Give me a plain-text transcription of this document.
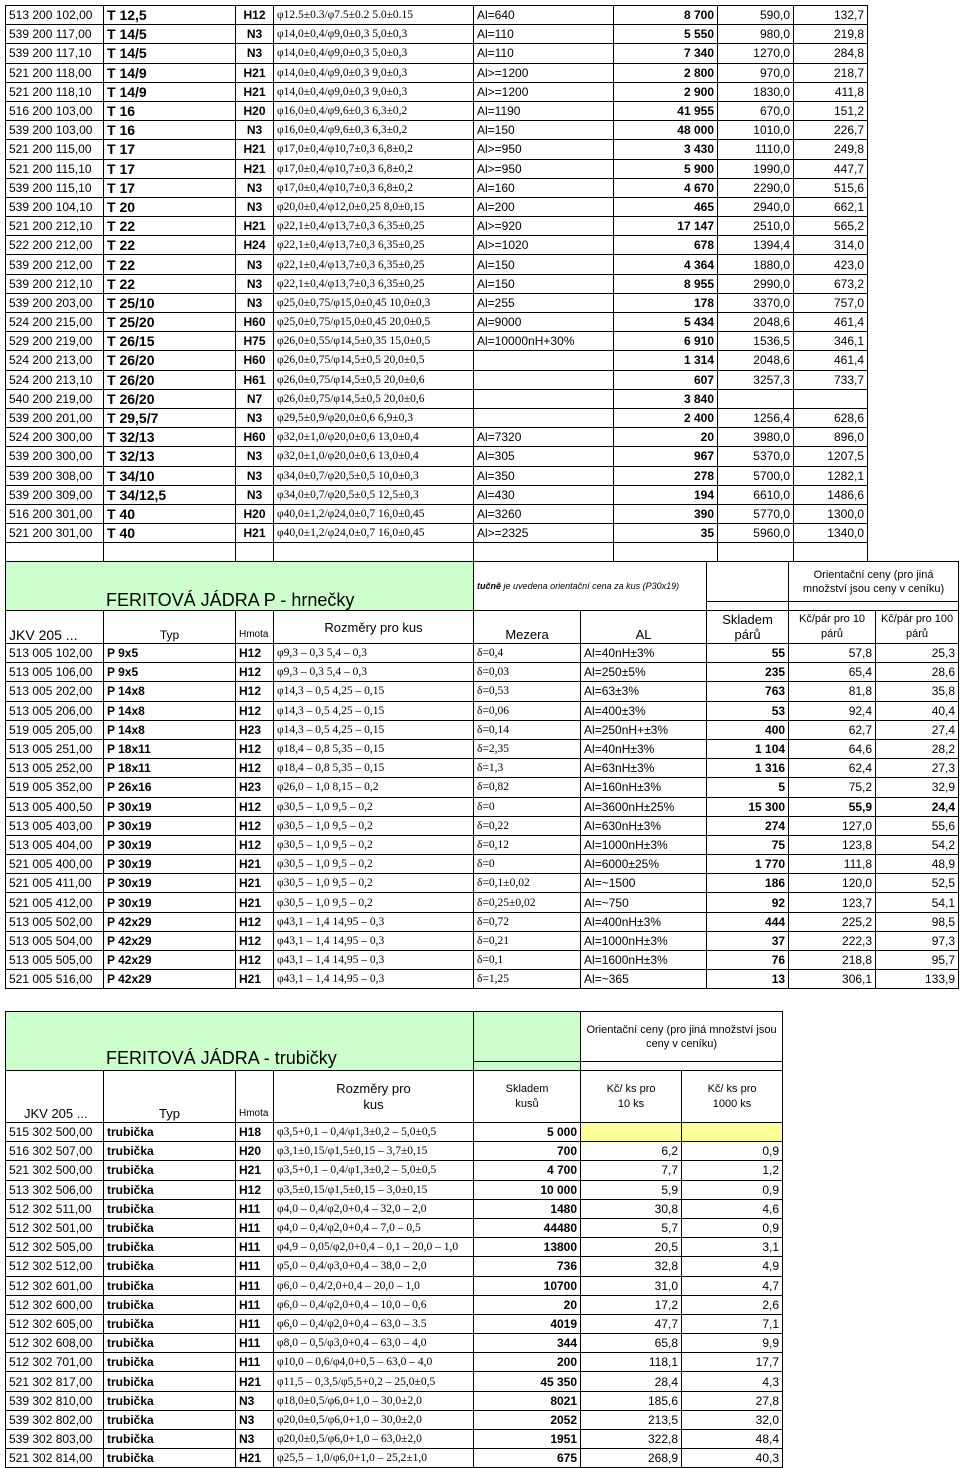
513 200 102,00	T 12,5	H12	φ12.5±0.3/φ7.5±0.2 5.0±0.15	Al=640	8 700	590,0	132,7
539 200 117,00	T 14/5	N3	φ14,0±0,4/φ9,0±0,3 5,0±0,3	Al=110	5 550	980,0	219,8
539 200 117,10	T 14/5	N3	φ14,0±0,4/φ9,0±0,3 5,0±0,3	Al=110	7 340	1270,0	284,8
521 200 118,00	T 14/9	H21	φ14,0±0,4/φ9,0±0,3 9,0±0,3	Al>=1200	2 800	970,0	218,7
521 200 118,10	T 14/9	H21	φ14,0±0,4/φ9,0±0,3 9,0±0,3	Al>=1200	2 900	1830,0	411,8
516 200 103,00	T 16	H20	φ16,0±0,4/φ9,6±0,3 6,3±0,2	Al=1190	41 955	670,0	151,2
539 200 103,00	T 16	N3	φ16,0±0,4/φ9,6±0,3 6,3±0,2	Al=150	48 000	1010,0	226,7
521 200 115,00	T 17	H21	φ17,0±0,4/φ10,7±0,3 6,8±0,2	Al>=950	3 430	1110,0	249,8
521 200 115,10	T 17	H21	φ17,0±0,4/φ10,7±0,3 6,8±0,2	Al>=950	5 900	1990,0	447,7
539 200 115,10	T 17	N3	φ17,0±0,4/φ10,7±0,3 6,8±0,2	Al=160	4 670	2290,0	515,6
539 200 104,10	T 20	N3	φ20,0±0,4/φ12,0±0,25 8,0±0,15	Al=200	465	2940,0	662,1
521 200 212,10	T 22	H21	φ22,1±0,4/φ13,7±0,3 6,35±0,25	Al>=920	17 147	2510,0	565,2
522 200 212,00	T 22	H24	φ22,1±0,4/φ13,7±0,3 6,35±0,25	Al>=1020	678	1394,4	314,0
539 200 212,00	T 22	N3	φ22,1±0,4/φ13,7±0,3 6,35±0,25	Al=150	4 364	1880,0	423,0
539 200 212,10	T 22	N3	φ22,1±0,4/φ13,7±0,3 6,35±0,25	Al=150	8 955	2990,0	673,2
539 200 203,00	T 25/10	N3	φ25,0±0,75/φ15,0±0,45 10,0±0,3	Al=255	178	3370,0	757,0
524 200 215,00	T 25/20	H60	φ25,0±0,75/φ15,0±0,45 20,0±0,5	Al=9000	5 434	2048,6	461,4
529 200 219,00	T 26/15	H75	φ26,0±0,55/φ14,5±0,35 15,0±0,5	Al=10000nH+30%	6 910	1536,5	346,1
524 200 213,00	T 26/20	H60	φ26,0±0,75/φ14,5±0,5 20,0±0,5		1 314	2048,6	461,4
524 200 213,10	T 26/20	H61	φ26,0±0,75/φ14,5±0,5 20,0±0,6		607	3257,3	733,7
540 200 219,00	T 26/20	N7	φ26,0±0,75/φ14,5±0,5 20,0±0,6		3 840		
539 200 201,00	T 29,5/7	N3	φ29,5±0,9/φ20,0±0,6 6,9±0,3		2 400	1256,4	628,6
524 200 300,00	T 32/13	H60	φ32,0±1,0/φ20,0±0,6 13,0±0,4	Al=7320	20	3980,0	896,0
539 200 300,00	T 32/13	N3	φ32,0±1,0/φ20,0±0,6 13,0±0,4	Al=305	967	5370,0	1207,5
539 200 308,00	T 34/10	N3	φ34,0±0,7/φ20,5±0,5 10,0±0,3	Al=350	278	5700,0	1282,1
539 200 309,00	T 34/12,5	N3	φ34,0±0,7/φ20,5±0,5 12,5±0,3	Al=430	194	6610,0	1486,6
516 200 301,00	T 40	H20	φ40,0±1,2/φ24,0±0,7 16,0±0,45	Al=3260	390	5770,0	1300,0
521 200 301,00	T 40	H21	φ40,0±1,2/φ24,0±0,7 16,0±0,45	Al>=2325	35	5960,0	1340,0

FERITOVÁ JÁDRA P - hrnečky				tučně je uvedena orientační cena za kus (P30x19)			Orientační ceny (pro jiná množství jsou ceny v ceníku)	

JKV 205 ...	Typ	Hmota	Rozměry pro kus	Mezera	AL	Skladem párů	Kč/pár pro 10 párů	Kč/pár pro 100 párů
513 005 102,00	P 9x5	H12	φ9,3 – 0,3 5,4 – 0,3	δ=0,4	Al=40nH±3%	55	57,8	25,3
513 005 106,00	P 9x5	H12	φ9,3 – 0,3 5,4 – 0,3	δ=0,03	Al=250±5%	235	65,4	28,6
513 005 202,00	P 14x8	H12	φ14,3 – 0,5 4,25 – 0,15	δ=0,53	Al=63±3%	763	81,8	35,8
513 005 206,00	P 14x8	H12	φ14,3 – 0,5 4,25 – 0,15	δ=0,06	Al=400±3%	53	92,4	40,4
519 005 205,00	P 14x8	H23	φ14,3 – 0,5 4,25 – 0,15	δ=0,14	Al=250nH+±3%	400	62,7	27,4
513 005 251,00	P 18x11	H12	φ18,4 – 0,8 5,35 – 0,15	δ=2,35	Al=40nH±3%	1 104	64,6	28,2
513 005 252,00	P 18x11	H12	φ18,4 – 0,8 5,35 – 0,15	δ=1,3	Al=63nH±3%	1 316	62,4	27,3
519 005 352,00	P 26x16	H23	φ26,0 – 1,0 8,15 – 0,2	δ=0,82	Al=160nH±3%	5	75,2	32,9
513 005 400,50	P 30x19	H12	φ30,5 – 1,0 9,5 – 0,2	δ=0	Al=3600nH±25%	15 300	55,9	24,4
513 005 403,00	P 30x19	H12	φ30,5 – 1,0 9,5 – 0,2	δ=0,22	Al=630nH±3%	274	127,0	55,6
513 005 404,00	P 30x19	H12	φ30,5 – 1,0 9,5 – 0,2	δ=0,12	Al=1000nH±3%	75	123,8	54,2
521 005 400,00	P 30x19	H21	φ30,5 – 1,0 9,5 – 0,2	δ=0	Al=6000±25%	1 770	111,8	48,9
521 005 411,00	P 30x19	H21	φ30,5 – 1,0 9,5 – 0,2	δ=0,1±0,02	Al=~1500	186	120,0	52,5
521 005 412,00	P 30x19	H21	φ30,5 – 1,0 9,5 – 0,2	δ=0,25±0,02	Al=~750	92	123,7	54,1
513 005 502,00	P 42x29	H12	φ43,1 – 1,4 14,95 – 0,3	δ=0,72	Al=400nH±3%	444	225,2	98,5
513 005 504,00	P 42x29	H12	φ43,1 – 1,4 14,95 – 0,3	δ=0,21	Al=1000nH±3%	37	222,3	97,3
513 005 505,00	P 42x29	H12	φ43,1 – 1,4 14,95 – 0,3	δ=0,1	Al=1600nH±3%	76	218,8	95,7
521 005 516,00	P 42x29	H21	φ43,1 – 1,4 14,95 – 0,3	δ=1,25	Al=~365	13	306,1	133,9
FERITOVÁ JÁDRA - trubičky					Orientační ceny (pro jiná množství jsou ceny v ceníku)	

JKV 205 ...	Typ	Hmota	Rozměry pro kus	Skladem kusů	Kč/ ks pro 10 ks	Kč/ ks pro 1000 ks
515 302 500,00	trubička	H18	φ3,5+0,1 – 0,4/φ1,3±0,2 – 5,0±0,5	5 000		
516 302 507,00	trubička	H20	φ3,1±0,15/φ1,5±0,15 – 3,7±0,15	700	6,2	0,9
521 302 500,00	trubička	H21	φ3,5+0,1 – 0,4/φ1,3±0,2 – 5,0±0,5	4 700	7,7	1,2
513 302 506,00	trubička	H12	φ3,5±0,15/φ1,5±0,15 – 3,0±0,15	10 000	5,9	0,9
512 302 511,00	trubička	H11	φ4,0 – 0,4/φ2,0+0,4 – 32,0 – 2,0	1480	30,8	4,6
512 302 501,00	trubička	H11	φ4,0 – 0,4/φ2,0+0,4 – 7,0 – 0,5	44480	5,7	0,9
512 302 505,00	trubička	H11	φ4,9 – 0,05/φ2,0+0,4 – 0,1 – 20,0 – 1,0	13800	20,5	3,1
512 302 512,00	trubička	H11	φ5,0 – 0,4/φ3,0+0,4 – 38,0 – 2,0	736	32,8	4,9
512 302 601,00	trubička	H11	φ6,0 – 0,4/2,0+0,4 – 20,0 – 1,0	10700	31,0	4,7
512 302 600,00	trubička	H11	φ6,0 – 0,4/φ2,0+0,4 – 10,0 – 0,6	20	17,2	2,6
512 302 605,00	trubička	H11	φ6,0 – 0,4/φ2,0+0,4 – 63,0 – 3.5	4019	47,7	7,1
512 302 608,00	trubička	H11	φ8,0 – 0,5/φ3,0+0,4 – 63,0 – 4,0	344	65,8	9,9
512 302 701,00	trubička	H11	φ10,0 – 0,6/φ4,0+0,5 – 63,0 – 4,0	200	118,1	17,7
521 302 817,00	trubička	H21	φ11,5 – 0,3,5/φ5,5+0,2 – 25,0±0,5	45 350	28,4	4,3
539 302 810,00	trubička	N3	φ18,0±0,5/φ6,0+1,0 – 30,0±2,0	8021	185,6	27,8
539 302 802,00	trubička	N3	φ20,0±0,5/φ6,0+1,0 – 30,0±2,0	2052	213,5	32,0
539 302 803,00	trubička	N3	φ20,0±0,5/φ6,0+1,0 – 63,0±2,0	1951	322,8	48,4
521 302 814,00	trubička	H21	φ25,5 – 1,0/φ6,0+1,0 – 25,2±1,0	675	268,9	40,3
